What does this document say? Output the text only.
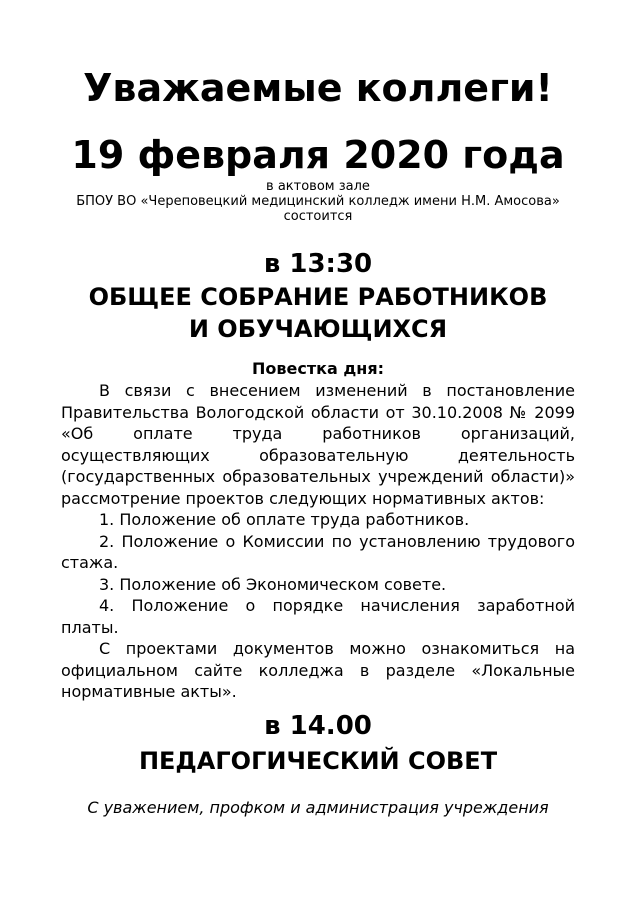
Уважаемые коллеги!
19 февраля 2020 года
в актовом зале
БПОУ ВО «Череповецкий медицинский колледж имени Н.М. Амосова»
состоится
в 13:30
ОБЩЕЕ СОБРАНИЕ РАБОТНИКОВ
И ОБУЧАЮЩИХСЯ
Повестка дня:

В связи с внесением изменений в постановление Правительства Вологодской области от 30.10.2008 № 2099 «Об оплате труда работников организаций, осуществляющих образовательную деятельность (государственных образовательных учреждений области)» рассмотрение проектов следующих нормативных актов:

1. Положение об оплате труда работников.
2. Положение о Комиссии по установлению трудового стажа.
3. Положение об Экономическом совете.
4. Положение о порядке начисления заработной платы.

С проектами документов можно ознакомиться на официальном сайте колледжа в разделе «Локальные нормативные акты».

в 14.00
ПЕДАГОГИЧЕСКИЙ СОВЕТ
С уважением, профком и администрация учреждения
